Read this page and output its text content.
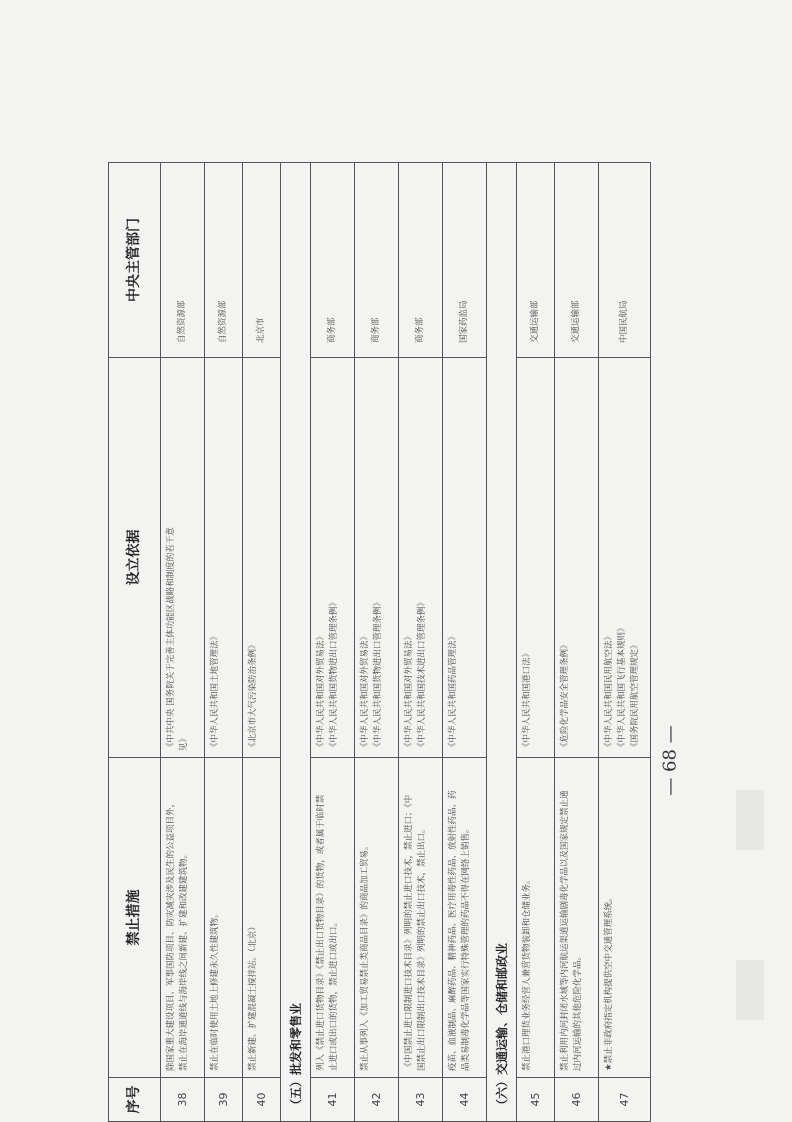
序号
禁止措施
设立依据
中央主管部门
38
除国家重大建设项目、军事国防项目、防灾减灾涉及民生的公益项目外，
禁止在海岸通道线与海岸线之间新建、扩建和改建建筑物。
《中共中央 国务院关于完善主体功能区战略和制度的若干意
见》
自然资源部
39
禁止在临时使用土地上修建永久性建筑物。
《中华人民共和国土地管理法》
自然资源部
40
禁止新建、扩建混凝土搅拌站。（北京）
《北京市大气污染防治条例》
北京市
（五）批发和零售业	41
列入《禁止进口货物目录》《禁止出口货物目录》的货物，或者属于临时禁
止进口或出口的货物，禁止进口或出口。
《中华人民共和国对外贸易法》
《中华人民共和国货物进出口管理条例》
商务部
42
禁止从事列入《加工贸易禁止类商品目录》的商品加工贸易。
《中华人民共和国对外贸易法》
《中华人民共和国货物进出口管理条例》
商务部
43
《中国禁止进口限制进口技术目录》列明的禁止进口技术，禁止进口；《中
国禁止出口限制出口技术目录》列明的禁止出口技术，禁止出口。
《中华人民共和国对外贸易法》
《中华人民共和国技术进出口管理条例》
商务部
44
疫苗、血液制品、麻醉药品、精神药品、医疗用毒性药品、放射性药品、药
品类易制毒化学品等国家实行特殊管理的药品不得在网络上销售。
《中华人民共和国药品管理法》
国家药监局
（六）交通运输、仓储和邮政业	45
禁止港口理货业务经营人兼营货物装卸和仓储业务。
《中华人民共和国港口法》
交通运输部
46
禁止利用内河封闭水域等内河航运渠道运输剧毒化学品以及国家规定禁止通
过内河运输的其他危险化学品。
《危险化学品安全管理条例》
交通运输部
47
★禁止非政府指定机构提供空中交通管理系统。
《中华人民共和国民用航空法》
《中华人民共和国飞行基本规则》
《国务院民用航空管理规定》
中国民航局
— 68 —
